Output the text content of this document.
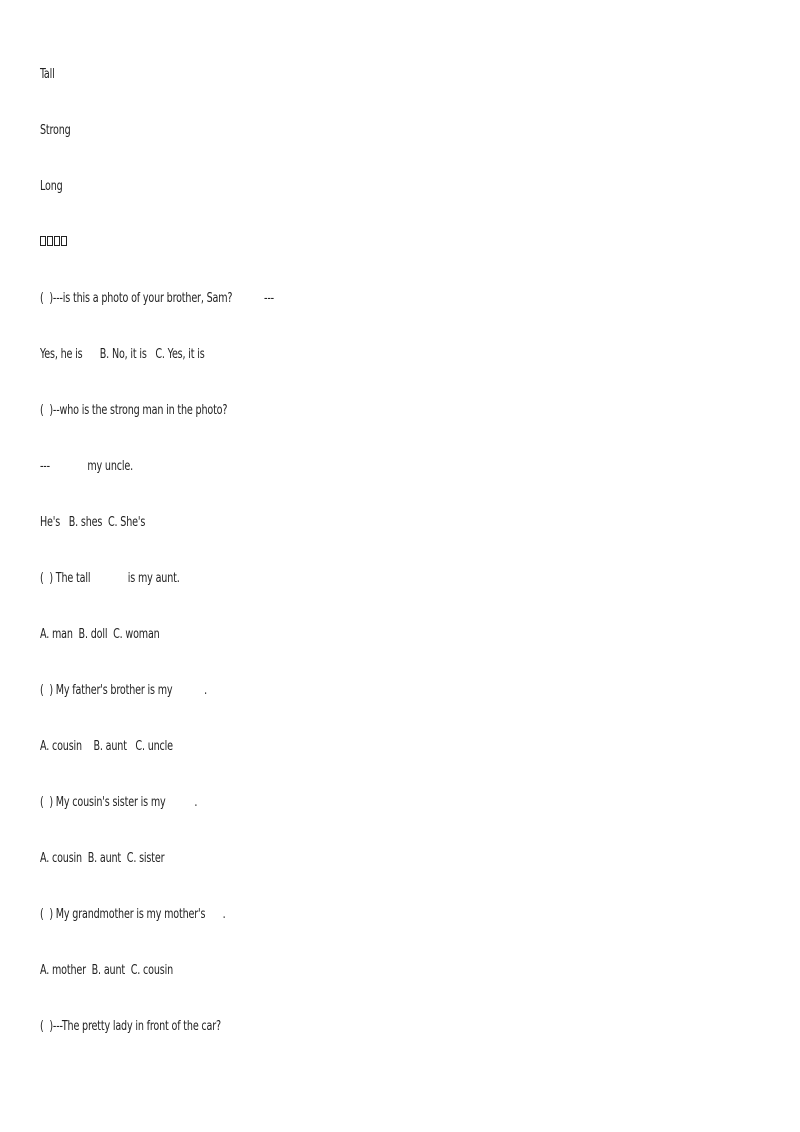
Tall
Strong
Long
(  )---is this a photo of your brother, Sam?           ---
Yes, he is      B. No, it is   C. Yes, it is
(  )--who is the strong man in the photo?
---             my uncle.
He's   B. shes  C. She's
(  ) The tall             is my aunt.
A. man  B. doll  C. woman
(  ) My father's brother is my           .
A. cousin    B. aunt   C. uncle
(  ) My cousin's sister is my          .
A. cousin  B. aunt  C. sister
(  ) My grandmother is my mother's      .
A. mother  B. aunt  C. cousin
(  )---The pretty lady in front of the car?
